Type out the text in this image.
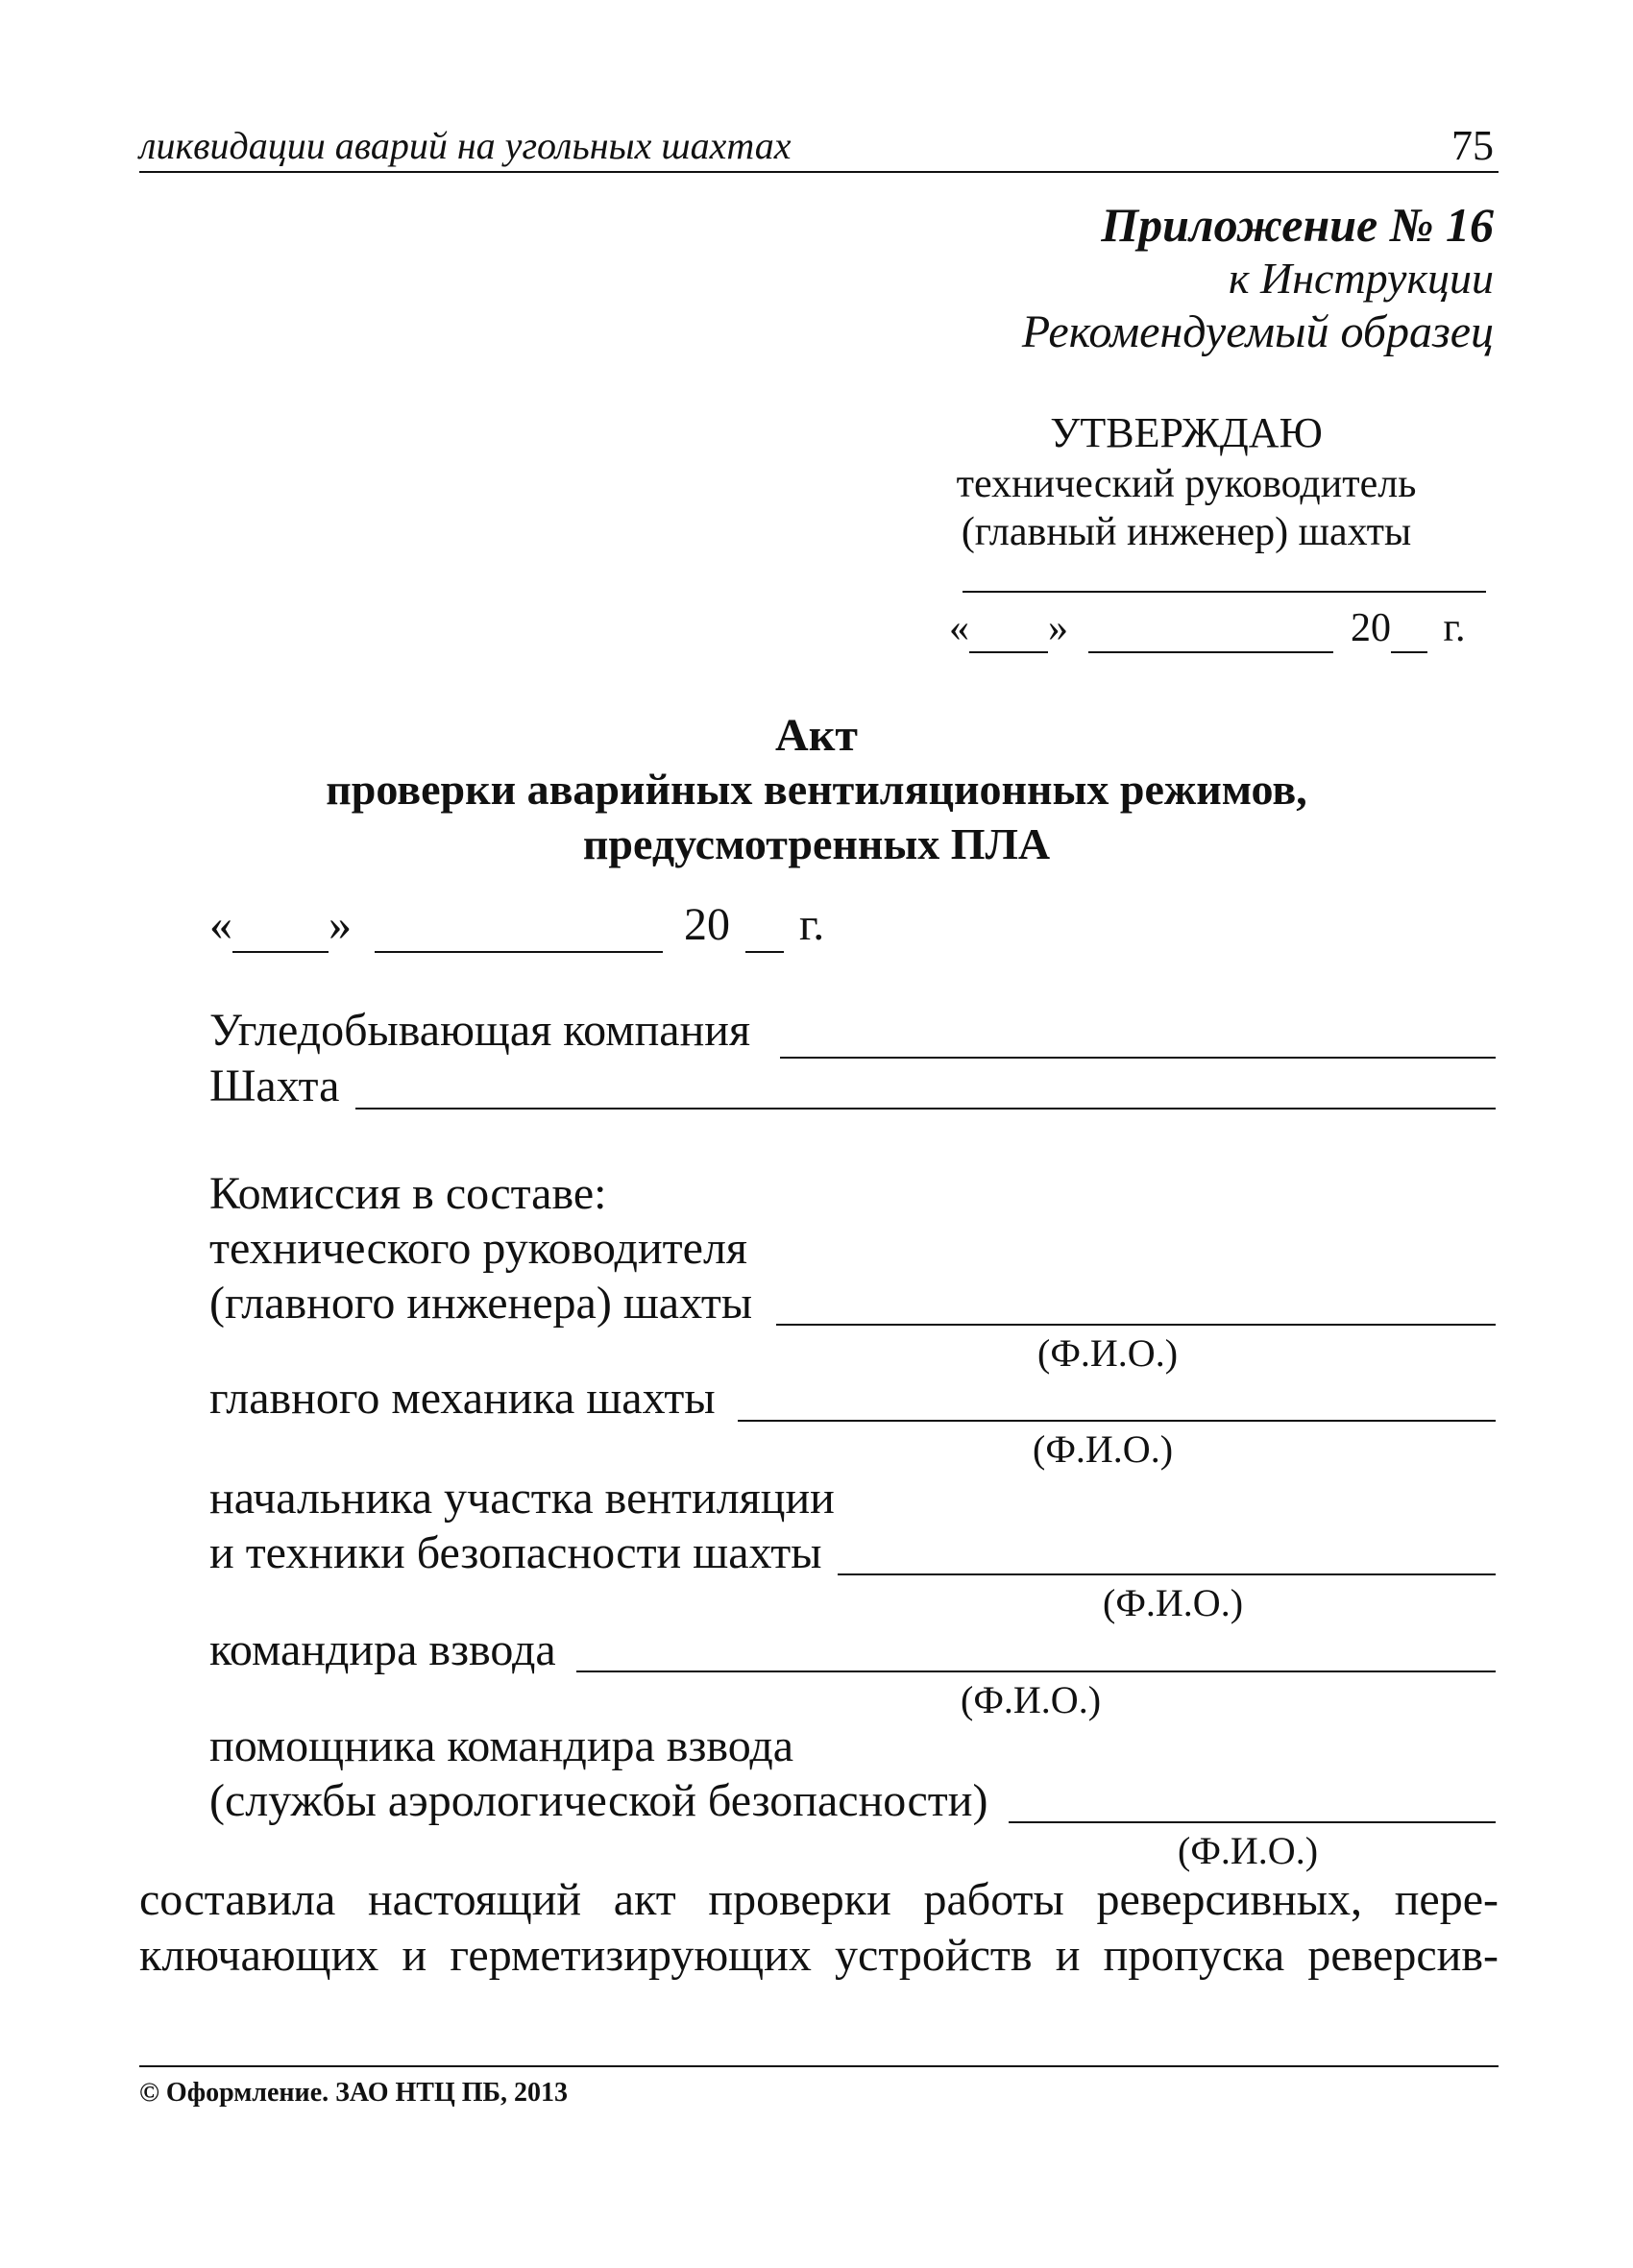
ликвидации аварий на угольных шахтах	75
Приложение № 16
к Инструкции
Рекомендуемый образец
УТВЕРЖДАЮ
технический руководитель
(главный инженер) шахты
« »	20 г.
Акт
проверки аварийных вентиляционных режимов,
предусмотренных ПЛА
« »	20 г.
Угледобывающая компания
Шахта
Комиссия в составе:
технического руководителя
(главного инженера) шахты
(Ф.И.О.)
главного механика шахты
(Ф.И.О.)
начальника участка вентиляции
и техники безопасности шахты
(Ф.И.О.)
командира взвода
(Ф.И.О.)
помощника командира взвода
(службы аэрологической безопасности)
(Ф.И.О.)
составила настоящий акт проверки работы реверсивных, пере-
ключающих и герметизирующих устройств и пропуска реверсив-
© Оформление. ЗАО НТЦ ПБ, 2013
